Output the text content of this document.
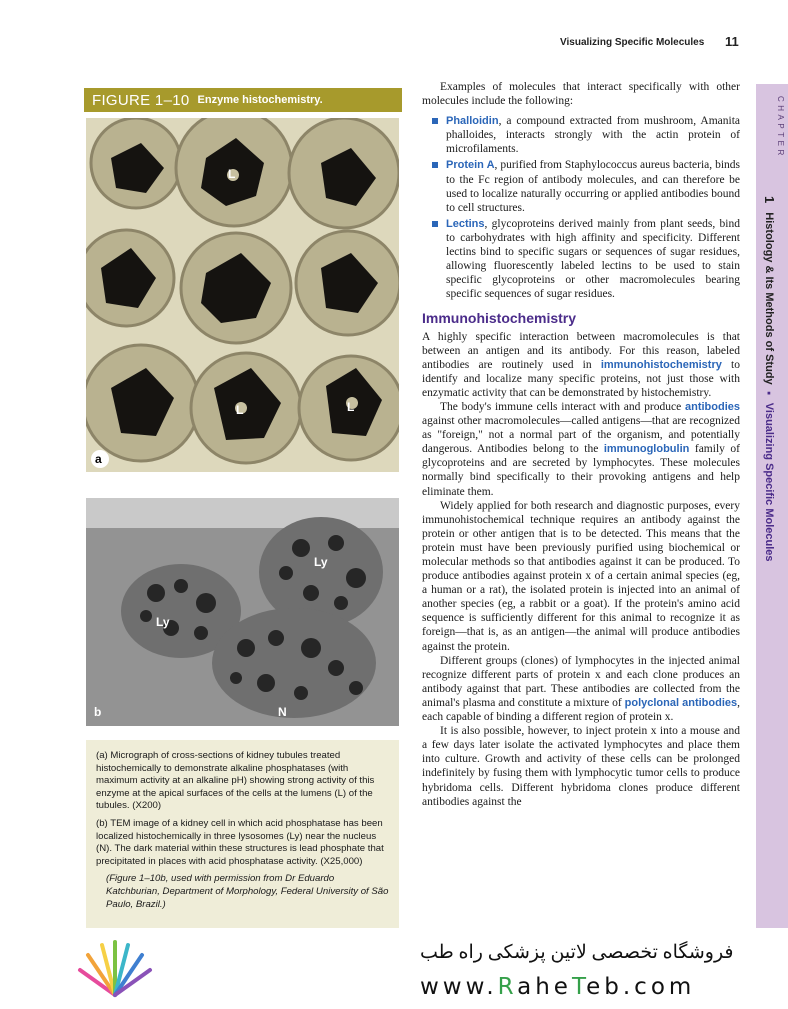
Visualizing Specific Molecules 11
FIGURE 1–10 Enzyme histochemistry.
L
L	L
a
Ly
Ly
N
b

(a) Micrograph of cross-sections of kidney tubules treated histochemically to demonstrate alkaline phosphatases (with maximum activity at an alkaline pH) showing strong activity of this enzyme at the apical surfaces of the cells at the lumens (L) of the tubules. (X200)

(b) TEM image of a kidney cell in which acid phosphatase has been localized histochemically in three lysosomes (Ly) near the nucleus (N). The dark material within these structures is lead phosphate that precipitated in places with acid phosphatase activity. (X25,000)

(Figure 1–10b, used with permission from Dr Eduardo Katchburian, Department of Morphology, Federal University of São Paulo, Brazil.)

CHAPTER
1 Histology & Its Methods of Study ▪ Visualizing Specific Molecules

Examples of molecules that interact specifically with other molecules include the following:

Phalloidin, a compound extracted from mushroom, Amanita phalloides, interacts strongly with the actin protein of microfilaments.
Protein A, purified from Staphylococcus aureus bacteria, binds to the Fc region of antibody molecules, and can therefore be used to localize naturally occurring or applied antibodies bound to cell structures.
Lectins, glycoproteins derived mainly from plant seeds, bind to carbohydrates with high affinity and specificity. Different lectins bind to specific sugars or sequences of sugar residues, allowing fluorescently labeled lectins to be used to stain specific glycoproteins or other macromolecules bearing specific sequences of sugar residues.
Immunohistochemistry

A highly specific interaction between macromolecules is that between an antigen and its antibody. For this reason, labeled antibodies are routinely used in immunohistochemistry to identify and localize many specific proteins, not just those with enzymatic activity that can be demonstrated by histochemistry.

The body's immune cells interact with and produce antibodies against other macromolecules—called antigens—that are recognized as "foreign," not a normal part of the organism, and potentially dangerous. Antibodies belong to the immunoglobulin family of glycoproteins and are secreted by lymphocytes. These molecules normally bind specifically to their provoking antigens and help eliminate them.

Widely applied for both research and diagnostic purposes, every immunohistochemical technique requires an antibody against the protein or other antigen that is to be detected. This means that the protein must have been previously purified using biochemical or molecular methods so that antibodies against it can be produced. To produce antibodies against protein x of a certain animal species (eg, a human or a rat), the isolated protein is injected into an animal of another species (eg, a rabbit or a goat). If the protein's amino acid sequence is sufficiently different for this animal to recognize it as foreign—that is, as an antigen—the animal will produce antibodies against the protein.

Different groups (clones) of lymphocytes in the injected animal recognize different parts of protein x and each clone produces an antibody against that part. These antibodies are collected from the animal's plasma and constitute a mixture of polyclonal antibodies, each capable of binding a different region of protein x.

It is also possible, however, to inject protein x into a mouse and a few days later isolate the activated lymphocytes and place them into culture. Growth and activity of these cells can be prolonged indefinitely by fusing them with lymphocytic tumor cells to produce hybridoma cells. Different hybridoma clones produce different antibodies against the

فروشگاه تخصصی لاتین پزشکی راه طب
www.RaheTeb.com
